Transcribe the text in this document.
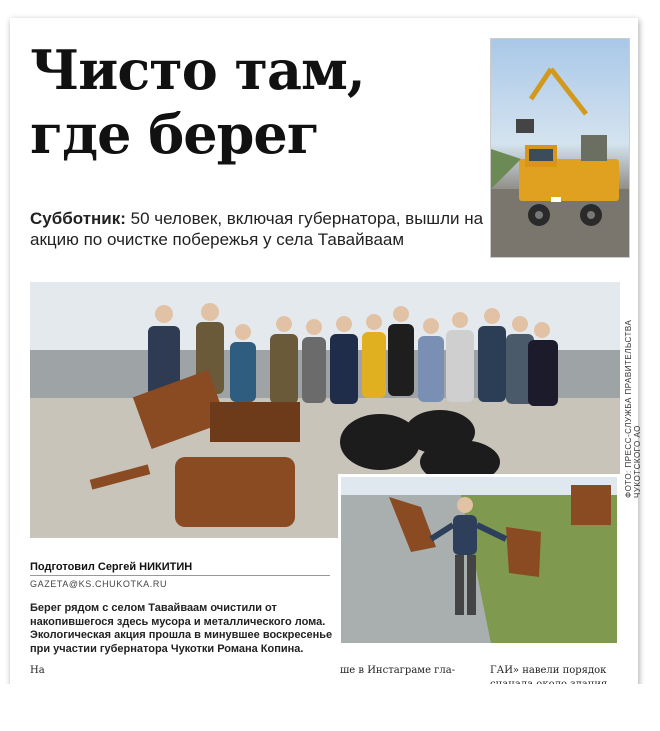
Чисто там,
где берег
Субботник: 50 человек, включая губернатора, вышли на акцию по очистке побережья у села Тавайваам
ФОТО: ПРЕСС-СЛУЖБА ПРАВИТЕЛЬСТВА ЧУКОТСКОГО АО
Подготовил Сергей НИКИТИН
GAZETA@KS.CHUKOTKA.RU
Берег рядом с селом Тавайваам очистили от накопившегося здесь мусора и металлического лома. Экологическая акция прошла в минувшее воскресенье при участии губернатора Чукотки Романа Копина.
На	ше в Инстаграме гла-	ГАИ» навели порядок
